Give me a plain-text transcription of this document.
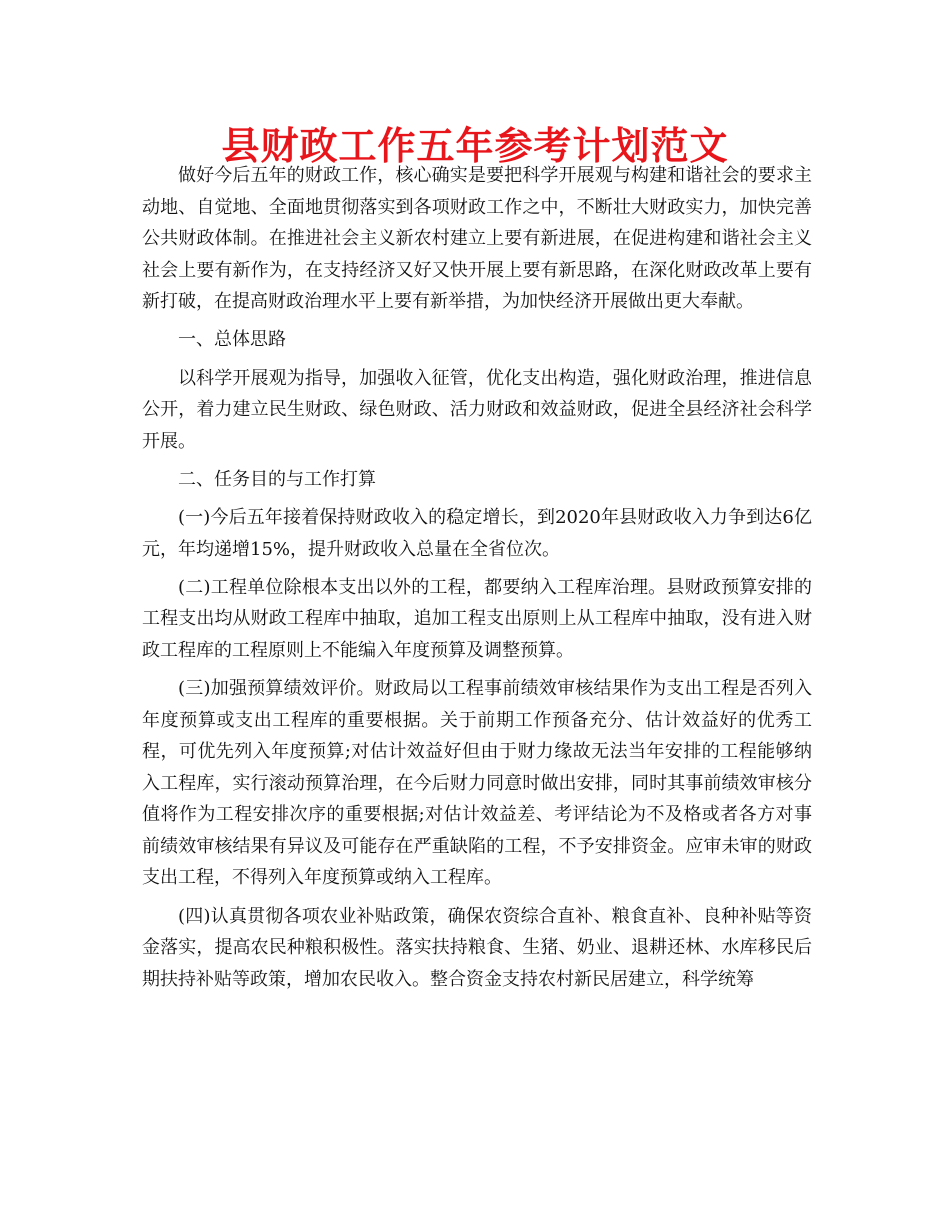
县财政工作五年参考计划范文

做好今后五年的财政工作，核心确实是要把科学开展观与构建和谐社会的要求主动地、自觉地、全面地贯彻落实到各项财政工作之中，不断壮大财政实力，加快完善公共财政体制。在推进社会主义新农村建立上要有新进展，在促进构建和谐社会主义社会上要有新作为，在支持经济又好又快开展上要有新思路，在深化财政改革上要有新打破，在提高财政治理水平上要有新举措，为加快经济开展做出更大奉献。

一、总体思路

以科学开展观为指导，加强收入征管，优化支出构造，强化财政治理，推进信息公开，着力建立民生财政、绿色财政、活力财政和效益财政，促进全县经济社会科学开展。

二、任务目的与工作打算

(一)今后五年接着保持财政收入的稳定增长，到2020年县财政收入力争到达6亿元，年均递增15%，提升财政收入总量在全省位次。

(二)工程单位除根本支出以外的工程，都要纳入工程库治理。县财政预算安排的工程支出均从财政工程库中抽取，追加工程支出原则上从工程库中抽取，没有进入财政工程库的工程原则上不能编入年度预算及调整预算。

(三)加强预算绩效评价。财政局以工程事前绩效审核结果作为支出工程是否列入年度预算或支出工程库的重要根据。关于前期工作预备充分、估计效益好的优秀工程，可优先列入年度预算;对估计效益好但由于财力缘故无法当年安排的工程能够纳入工程库，实行滚动预算治理，在今后财力同意时做出安排，同时其事前绩效审核分值将作为工程安排次序的重要根据;对估计效益差、考评结论为不及格或者各方对事前绩效审核结果有异议及可能存在严重缺陷的工程，不予安排资金。应审未审的财政支出工程，不得列入年度预算或纳入工程库。

(四)认真贯彻各项农业补贴政策，确保农资综合直补、粮食直补、良种补贴等资金落实，提高农民种粮积极性。落实扶持粮食、生猪、奶业、退耕还林、水库移民后期扶持补贴等政策，增加农民收入。整合资金支持农村新民居建立，科学统筹
